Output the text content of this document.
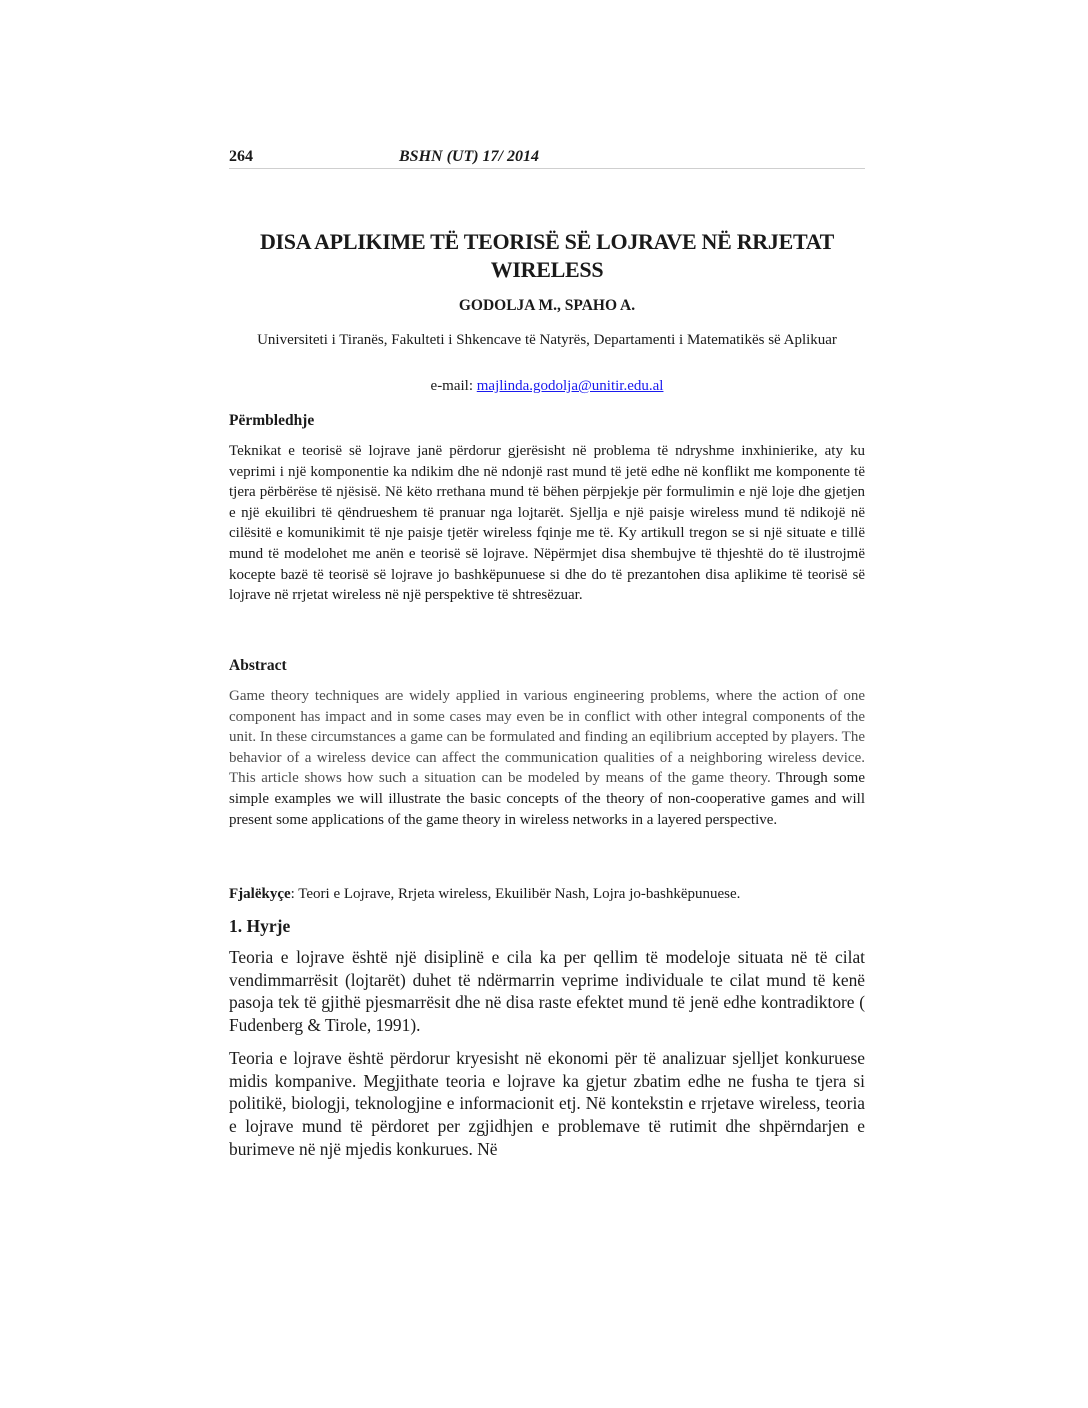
264	BSHN (UT) 17/ 2014
DISA APLIKIME TË TEORISË SË LOJRAVE NË RRJETAT WIRELESS
GODOLJA M., SPAHO A.
Universiteti i Tiranës, Fakulteti i Shkencave të Natyrës, Departamenti i Matematikës së Aplikuar
e-mail: majlinda.godolja@unitir.edu.al
Përmbledhje

Teknikat e teorisë së lojrave janë përdorur gjerësisht në problema të ndryshme inxhinierike, aty ku veprimi i një komponentie ka ndikim dhe në ndonjë rast mund të jetë edhe në konflikt me komponente të tjera përbërëse të njësisë. Në këto rrethana mund të bëhen përpjekje për formulimin e një loje dhe gjetjen e një ekuilibri të qëndrueshem të pranuar nga lojtarët. Sjellja e një paisje wireless mund të ndikojë në cilësitë e komunikimit të nje paisje tjetër wireless fqinje me të. Ky artikull tregon se si një situate e tillë mund të modelohet me anën e teorisë së lojrave. Nëpërmjet disa shembujve të thjeshtë do të ilustrojmë kocepte bazë të teorisë së lojrave jo bashkëpunuese si dhe do të prezantohen disa aplikime të teorisë së lojrave në rrjetat wireless në një perspektive të shtresëzuar.

Abstract

Game theory techniques are widely applied in various engineering problems, where the action of one component has impact and in some cases may even be in conflict with other integral components of the unit. In these circumstances a game can be formulated and finding an eqilibrium accepted by players. The behavior of a wireless device can affect the communication qualities of a neighboring wireless device. This article shows how such a situation can be modeled by means of the game theory. Through some simple examples we will illustrate the basic concepts of the theory of non-cooperative games and will present some applications of the game theory in wireless networks in a layered perspective.

Fjalëkyçe: Teori e Lojrave, Rrjeta wireless, Ekuilibër Nash, Lojra jo-bashkëpunuese.
1. Hyrje

Teoria e lojrave është një disiplinë e cila ka per qellim të modeloje situata në të cilat vendimmarrësit (lojtarët) duhet të ndërmarrin veprime individuale te cilat mund të kenë pasoja tek të gjithë pjesmarrësit dhe në disa raste efektet mund të jenë edhe kontradiktore ( Fudenberg & Tirole, 1991).

Teoria e lojrave është përdorur kryesisht në ekonomi për të analizuar sjelljet konkuruese midis kompanive. Megjithate teoria e lojrave ka gjetur zbatim edhe ne fusha te tjera si politikë, biologji, teknologjine e informacionit etj. Në kontekstin e rrjetave wireless, teoria e lojrave mund të përdoret per zgjidhjen e problemave të rutimit dhe shpërndarjen e burimeve në një mjedis konkurues. Në
